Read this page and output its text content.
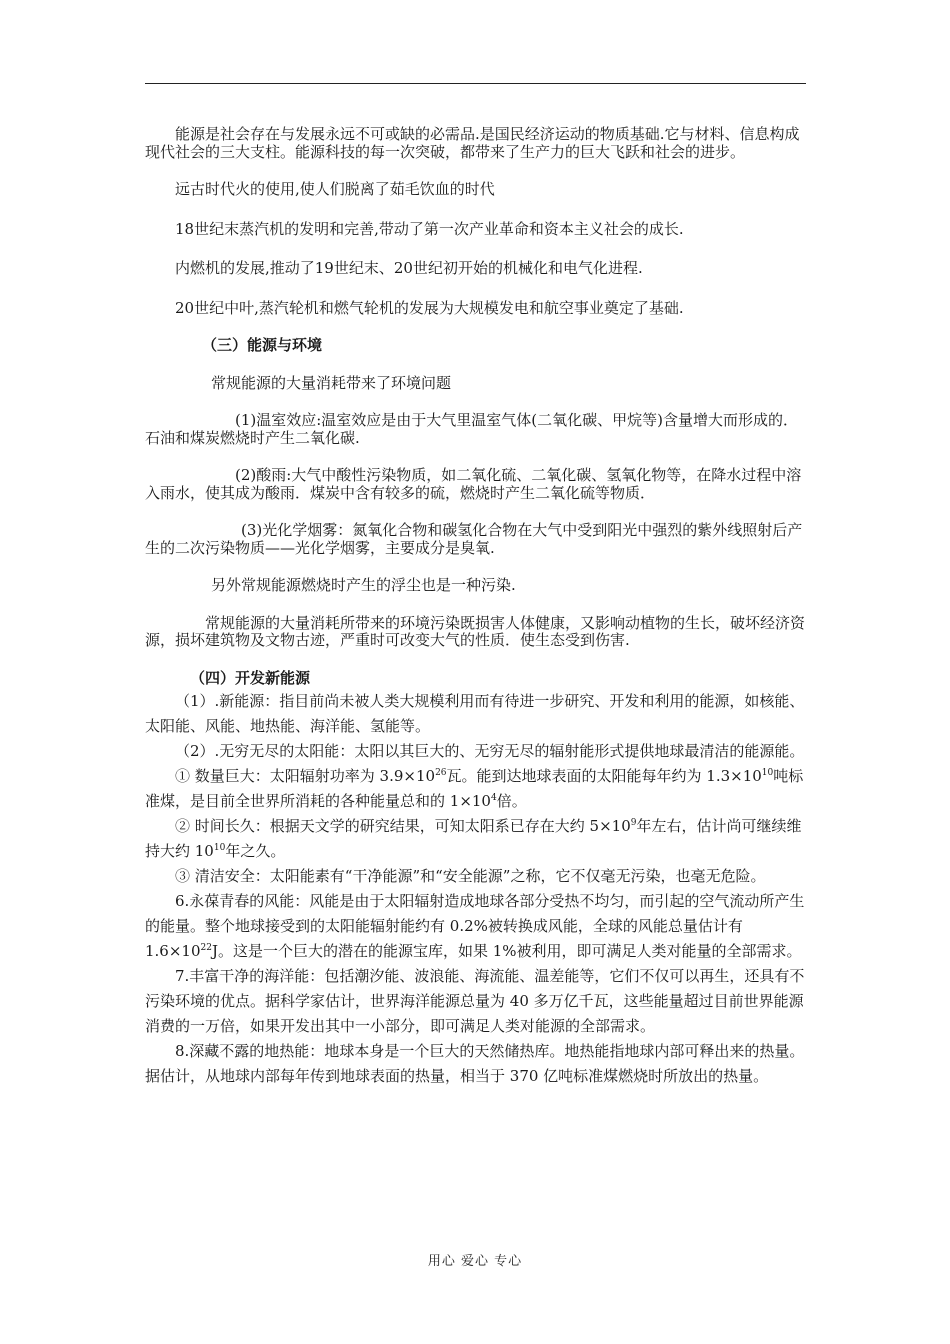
能源是社会存在与发展永远不可或缺的必需品.是国民经济运动的物质基础.它与材料、信息构成现代社会的三大支柱。能源科技的每一次突破，都带来了生产力的巨大飞跃和社会的进步。

远古时代火的使用,使人们脱离了茹毛饮血的时代

18世纪末蒸汽机的发明和完善,带动了第一次产业革命和资本主义社会的成长.

内燃机的发展,推动了19世纪末、20世纪初开始的机械化和电气化进程.

20世纪中叶,蒸汽轮机和燃气轮机的发展为大规模发电和航空事业奠定了基础.

（三）能源与环境

常规能源的大量消耗带来了环境问题

(1)温室效应:温室效应是由于大气里温室气体(二氧化碳、甲烷等)含量增大而形成的．石油和煤炭燃烧时产生二氧化碳.

(2)酸雨:大气中酸性污染物质，如二氧化硫、二氧化碳、氢氧化物等，在降水过程中溶入雨水，使其成为酸雨．煤炭中含有较多的硫，燃烧时产生二氧化硫等物质．

(3)光化学烟雾：氮氧化合物和碳氢化合物在大气中受到阳光中强烈的紫外线照射后产生的二次污染物质——光化学烟雾，主要成分是臭氧.

另外常规能源燃烧时产生的浮尘也是一种污染.

常规能源的大量消耗所带来的环境污染既损害人体健康，又影响动植物的生长，破坏经济资源，损坏建筑物及文物古迹，严重时可改变大气的性质．使生态受到伤害.

（四）开发新能源

（1）.新能源：指目前尚未被人类大规模利用而有待进一步研究、开发和利用的能源，如核能、太阳能、风能、地热能、海洋能、氢能等。

（2）.无穷无尽的太阳能：太阳以其巨大的、无穷无尽的辐射能形式提供地球最清洁的能源能。

① 数量巨大：太阳辐射功率为 $3.9\times 10^{26}$瓦。能到达地球表面的太阳能每年约为 $1.3\times 10^{10}$吨标准煤，是目前全世界所消耗的各种能量总和的 $1\times 10^4$倍。

② 时间长久：根据天文学的研究结果，可知太阳系已存在大约 $5\times 10^9$年左右，估计尚可继续维持大约 $10^{10}$年之久。

③ 清洁安全：太阳能素有“干净能源”和“安全能源”之称，它不仅毫无污染，也毫无危险。

6.永葆青春的风能：风能是由于太阳辐射造成地球各部分受热不均匀，而引起的空气流动所产生的能量。整个地球接受到的太阳能辐射能约有 0.2%被转换成风能，全球的风能总量估计有 $1.6\times 10^{22}J$。这是一个巨大的潜在的能源宝库，如果 1%被利用，即可满足人类对能量的全部需求。

7.丰富干净的海洋能：包括潮汐能、波浪能、海流能、温差能等，它们不仅可以再生，还具有不污染环境的优点。据科学家估计，世界海洋能源总量为 40 多万亿千瓦，这些能量超过目前世界能源消费的一万倍，如果开发出其中一小部分，即可满足人类对能源的全部需求。

8.深藏不露的地热能：地球本身是一个巨大的天然储热库。地热能指地球内部可释出来的热量。据估计，从地球内部每年传到地球表面的热量，相当于 370 亿吨标准煤燃烧时所放出的热量。

用心 爱心 专心
